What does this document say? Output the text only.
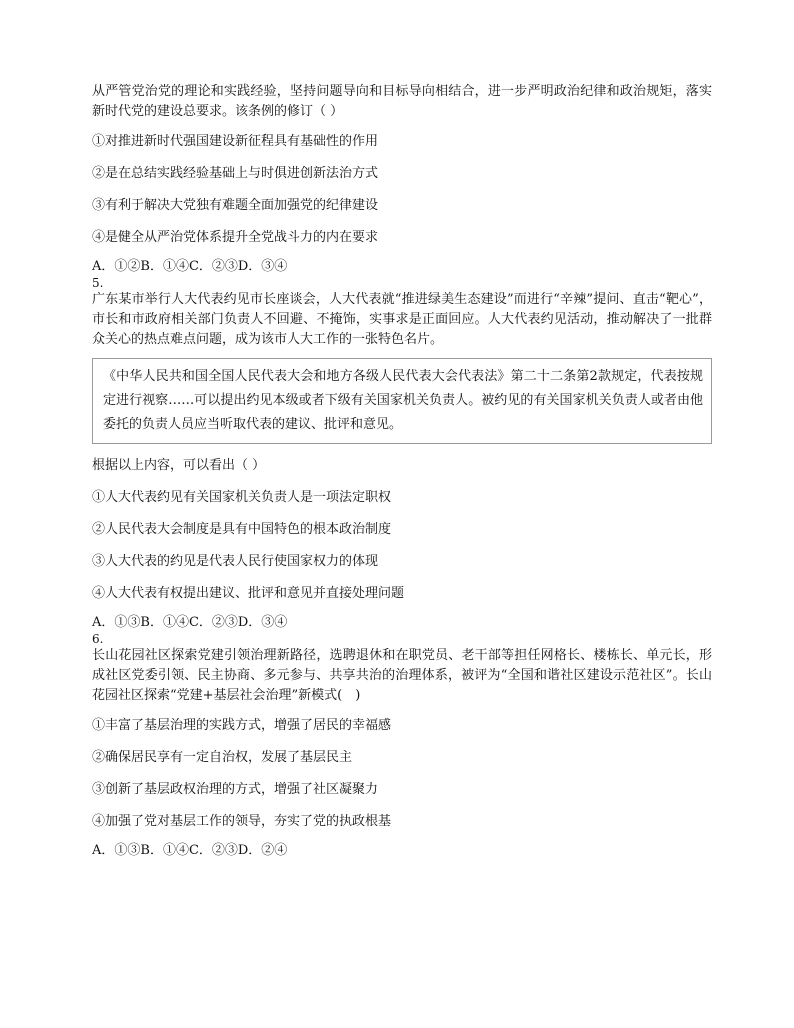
从严管党治党的理论和实践经验，坚持问题导向和目标导向相结合，进一步严明政治纪律和政治规矩，落实新时代党的建设总要求。该条例的修订（ ）

①对推进新时代强国建设新征程具有基础性的作用

②是在总结实践经验基础上与时俱进创新法治方式

③有利于解决大党独有难题全面加强党的纪律建设

④是健全从严治党体系提升全党战斗力的内在要求

A．①②B．①④C．②③D．③④

5.

广东某市举行人大代表约见市长座谈会，人大代表就“推进绿美生态建设”而进行“辛辣”提问、直击“靶心”，市长和市政府相关部门负责人不回避、不掩饰，实事求是正面回应。人大代表约见活动，推动解决了一批群众关心的热点难点问题，成为该市人大工作的一张特色名片。

《中华人民共和国全国人民代表大会和地方各级人民代表大会代表法》第二十二条第2款规定，代表按规定进行视察……可以提出约见本级或者下级有关国家机关负责人。被约见的有关国家机关负责人或者由他委托的负责人员应当听取代表的建议、批评和意见。

根据以上内容，可以看出（ ）

①人大代表约见有关国家机关负责人是一项法定职权

②人民代表大会制度是具有中国特色的根本政治制度

③人大代表的约见是代表人民行使国家权力的体现

④人大代表有权提出建议、批评和意见并直接处理问题

A．①③B．①④C．②③D．③④

6.

长山花园社区探索党建引领治理新路径，选聘退休和在职党员、老干部等担任网格长、楼栋长、单元长，形成社区党委引领、民主协商、多元参与、共享共治的治理体系，被评为“全国和谐社区建设示范社区”。长山花园社区探索“党建+基层社会治理”新模式(　)

①丰富了基层治理的实践方式，增强了居民的幸福感

②确保居民享有一定自治权，发展了基层民主

③创新了基层政权治理的方式，增强了社区凝聚力

④加强了党对基层工作的领导，夯实了党的执政根基

A．①③B．①④C．②③D．②④
